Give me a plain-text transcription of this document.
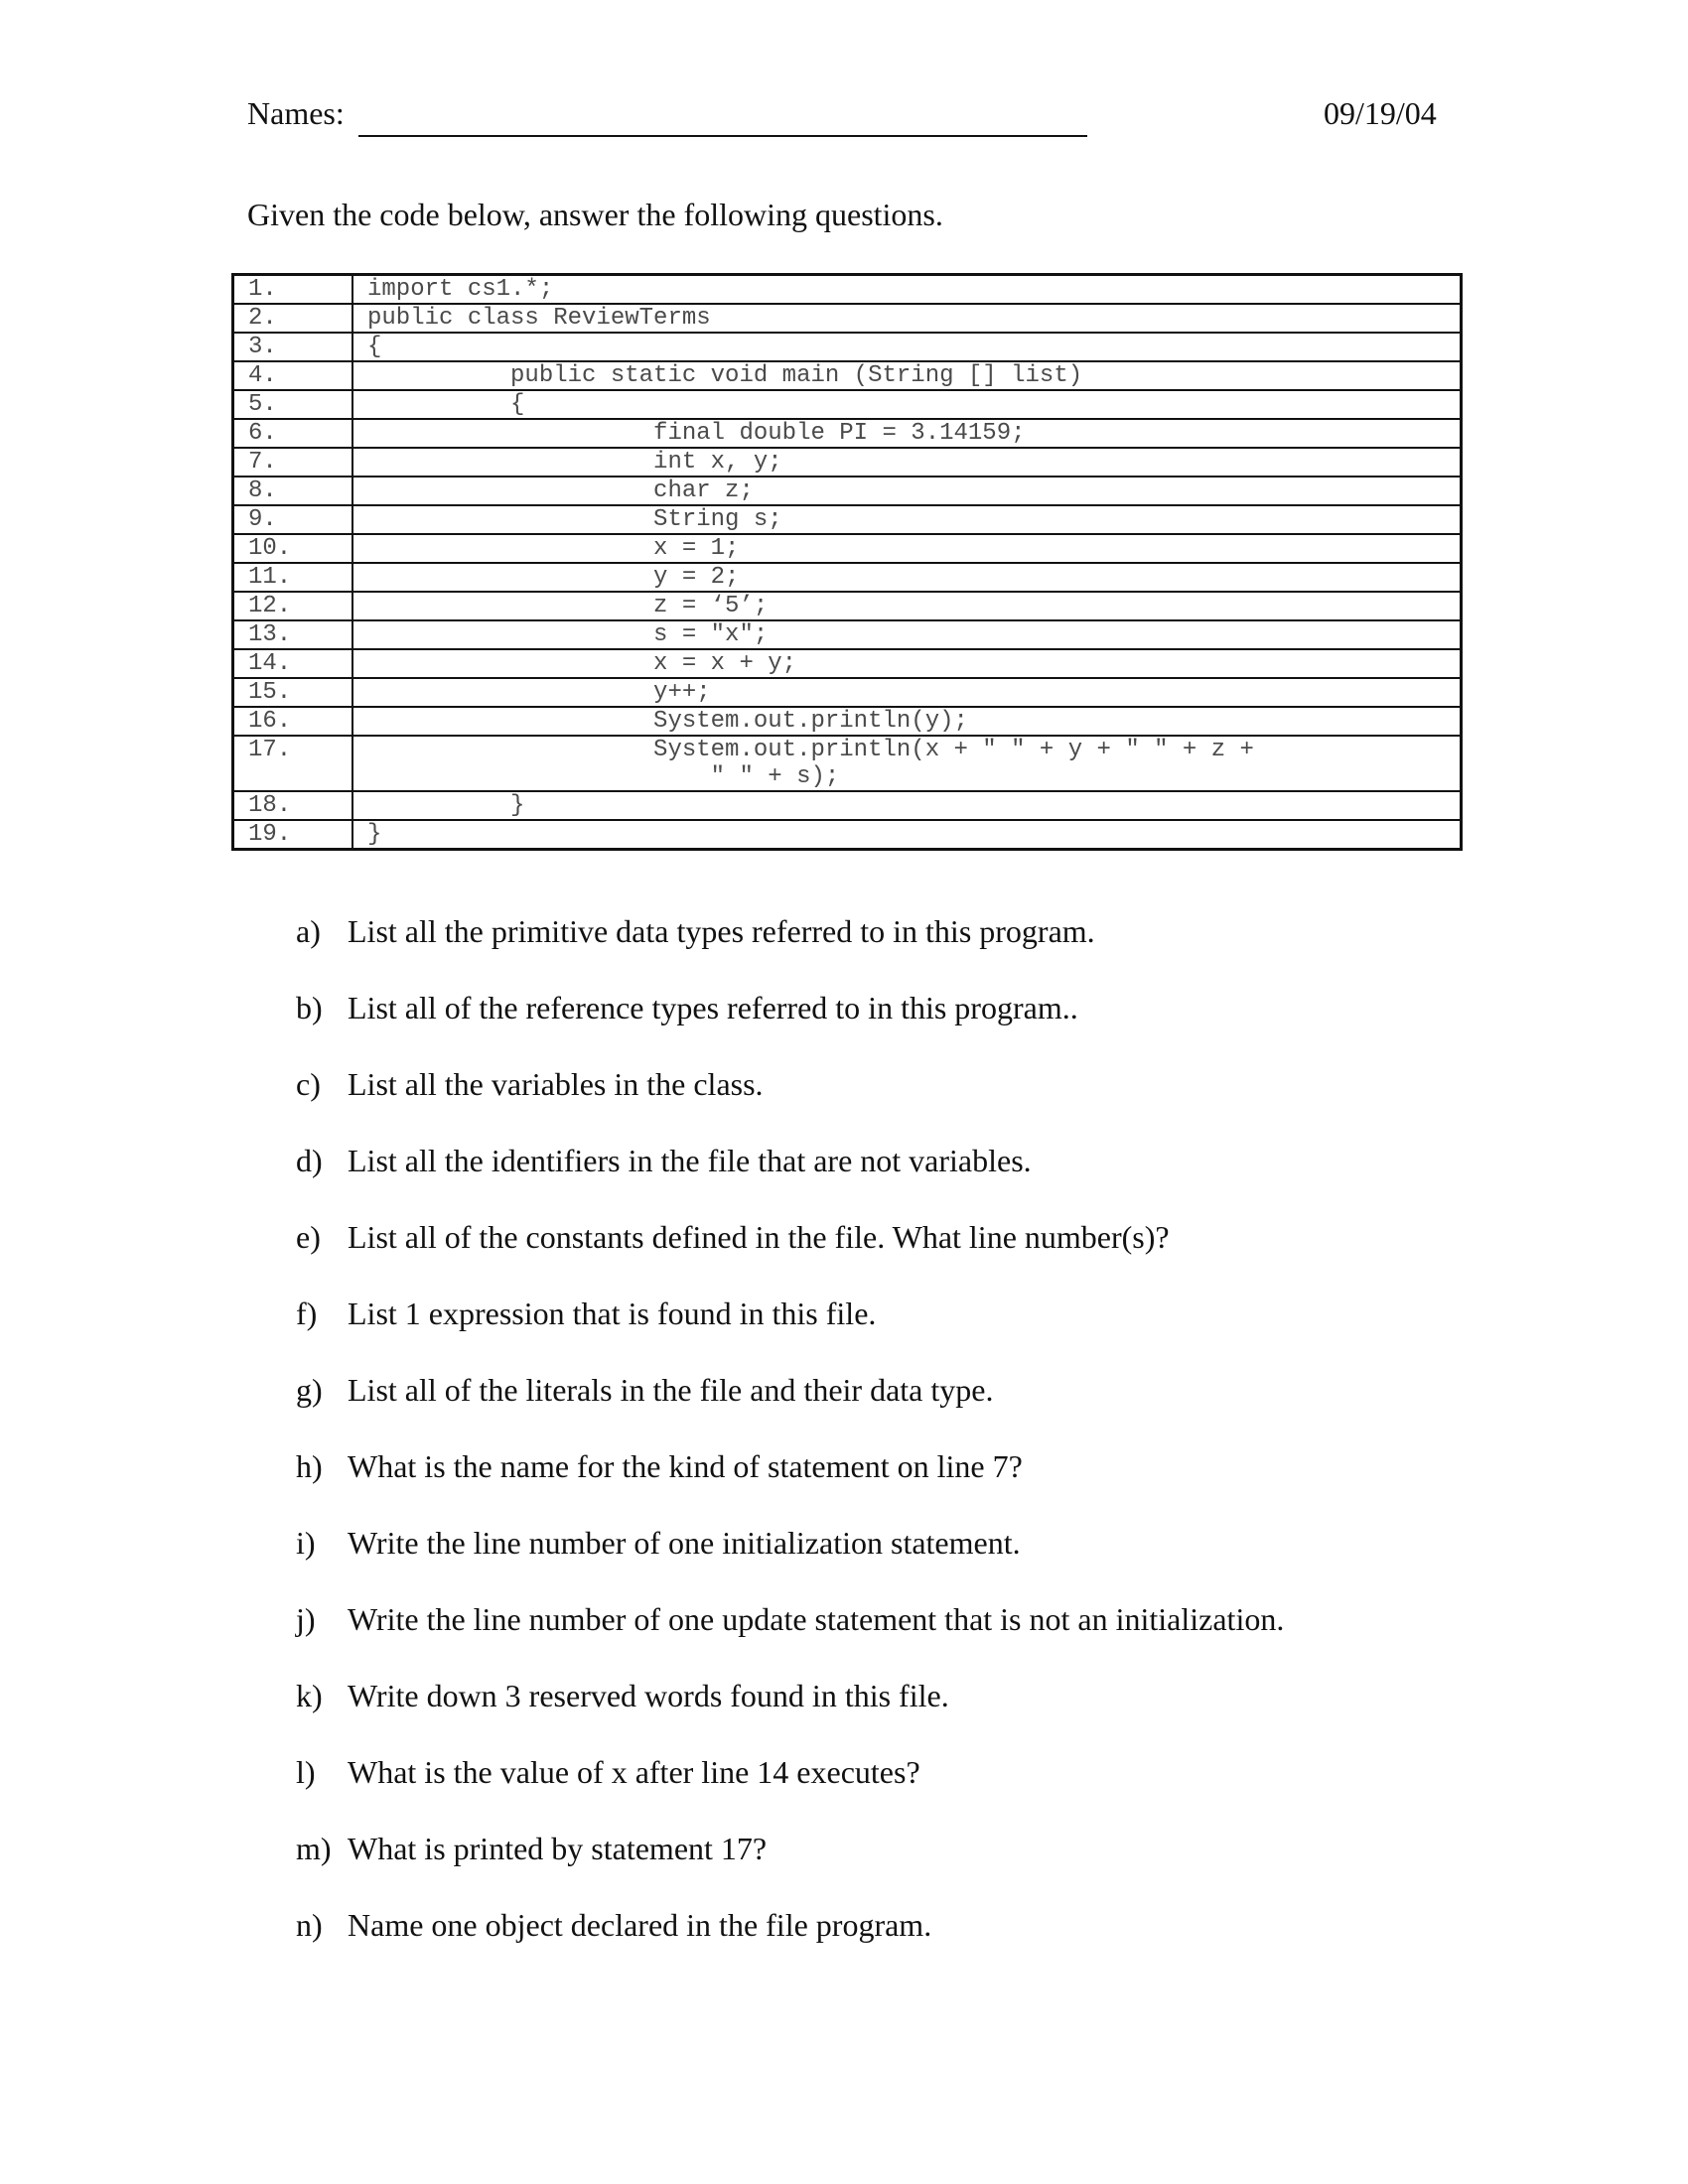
Names:	09/19/04
Given the code below, answer the following questions.
1.	import cs1.*;
2.	public class ReviewTerms
3.	{
4.	public static void main (String [] list)
5.	{
6.	final double PI = 3.14159;
7.	int x, y;
8.	char z;
9.	String s;
10.	x = 1;
11.	y = 2;
12.	z = ‘5’;
13.	s = "x";
14.	x = x + y;
15.	y++;
16.	System.out.println(y);
17.	System.out.println(x + " " + y + " " + z +
" " + s);
18.	}
19.	}
a) List all the primitive data types referred to in this program.
b) List all of the reference types referred to in this program..
c) List all the variables in the class.
d) List all the identifiers in the file that are not variables.
e) List all of the constants defined in the file. What line number(s)?
f) List 1 expression that is found in this file.
g) List all of the literals in the file and their data type.
h) What is the name for the kind of statement on line 7?
i) Write the line number of one initialization statement.
j) Write the line number of one update statement that is not an initialization.
k) Write down 3 reserved words found in this file.
l) What is the value of x after line 14 executes?
m) What is printed by statement 17?
n) Name one object declared in the file program.
